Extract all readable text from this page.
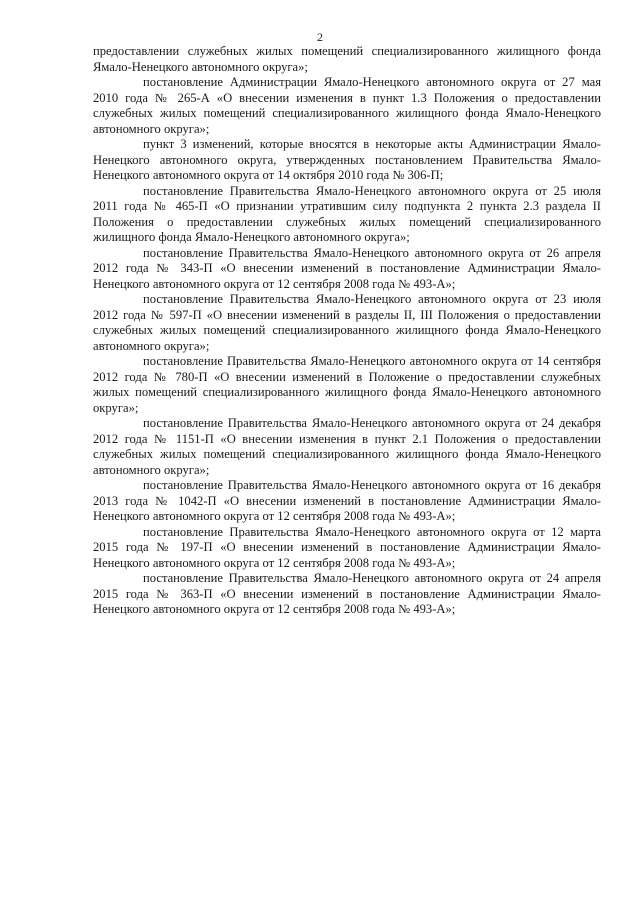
2

предоставлении служебных жилых помещений специализированного жилищного фонда Ямало-Ненецкого автономного округа»;

постановление Администрации Ямало-Ненецкого автономного округа от 27 мая 2010 года № 265-А «О внесении изменения в пункт 1.3 Положения о предоставлении служебных жилых помещений специализированного жилищного фонда Ямало-Ненецкого автономного округа»;

пункт 3 изменений, которые вносятся в некоторые акты Администрации Ямало-Ненецкого автономного округа, утвержденных постановлением Правительства Ямало-Ненецкого автономного округа от 14 октября 2010 года № 306-П;

постановление Правительства Ямало-Ненецкого автономного округа от 25 июля 2011 года № 465-П «О признании утратившим силу подпункта 2 пункта 2.3 раздела II Положения о предоставлении служебных жилых помещений специализированного жилищного фонда Ямало-Ненецкого автономного округа»;

постановление Правительства Ямало-Ненецкого автономного округа от 26 апреля 2012 года № 343-П «О внесении изменений в постановление Администрации Ямало-Ненецкого автономного округа от 12 сентября 2008 года № 493-А»;

постановление Правительства Ямало-Ненецкого автономного округа от 23 июля 2012 года № 597-П «О внесении изменений в разделы II, III Положения о предоставлении служебных жилых помещений специализированного жилищного фонда Ямало-Ненецкого автономного округа»;

постановление Правительства Ямало-Ненецкого автономного округа от 14 сентября 2012 года № 780-П «О внесении изменений в Положение о предоставлении служебных жилых помещений специализированного жилищного фонда Ямало-Ненецкого автономного округа»;

постановление Правительства Ямало-Ненецкого автономного округа от 24 декабря 2012 года № 1151-П «О внесении изменения в пункт 2.1 Положения о предоставлении служебных жилых помещений специализированного жилищного фонда Ямало-Ненецкого автономного округа»;

постановление Правительства Ямало-Ненецкого автономного округа от 16 декабря 2013 года № 1042-П «О внесении изменений в постановление Администрации Ямало-Ненецкого автономного округа от 12 сентября 2008 года № 493-А»;

постановление Правительства Ямало-Ненецкого автономного округа от 12 марта 2015 года № 197-П «О внесении изменений в постановление Администрации Ямало-Ненецкого автономного округа от 12 сентября 2008 года № 493-А»;

постановление Правительства Ямало-Ненецкого автономного округа от 24 апреля 2015 года № 363-П «О внесении изменений в постановление Администрации Ямало-Ненецкого автономного округа от 12 сентября 2008 года № 493-А»;
